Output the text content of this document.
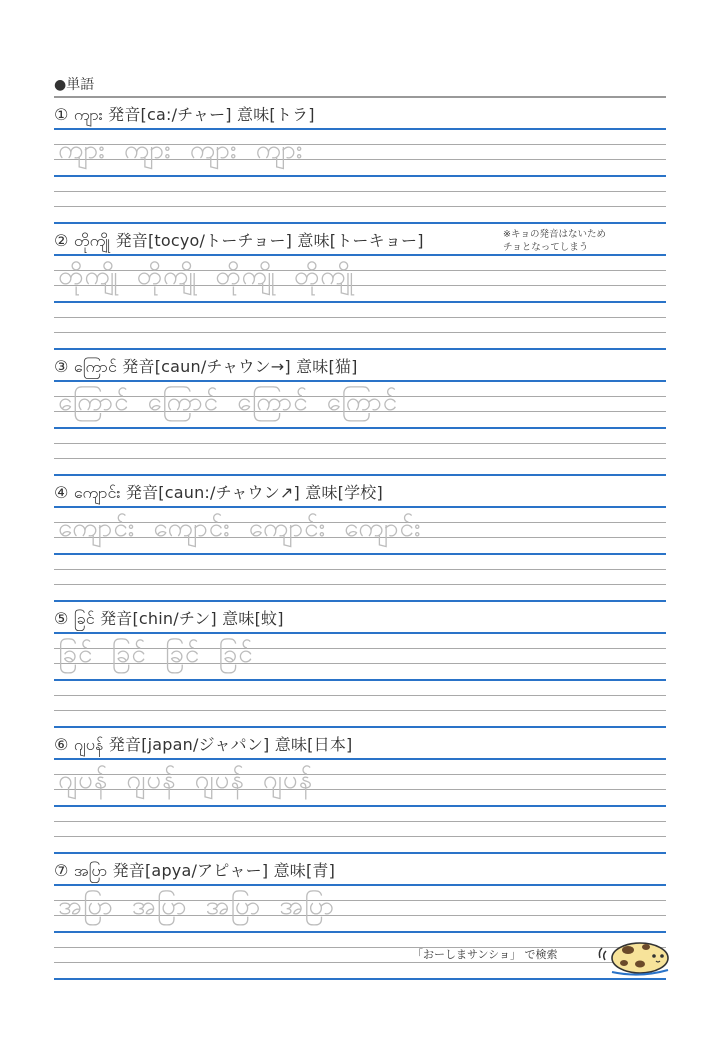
●単語
① ကျား 発音[ca:/チャー] 意味[トラ]
ကျား ကျား ကျား ကျား
② တိုကျို 発音[tocyo/トーチョー] 意味[トーキョー]	※キョの発音はないため
チョとなってしまう
တိုကျို တိုကျို တိုကျို တိုကျို
③ ကြောင် 発音[caun/チャウン→] 意味[猫]
ကြောင် ကြောင် ကြောင် ကြောင်
④ ကျောင်း 発音[caun:/チャウン↗] 意味[学校]
ကျောင်း ကျောင်း ကျောင်း ကျောင်း
⑤ ခြင် 発音[chin/チン] 意味[蚊]
ခြင် ခြင် ခြင် ခြင်
⑥ ဂျပန် 発音[japan/ジャパン] 意味[日本]
ဂျပန် ဂျပန် ဂျပန် ဂျပန်
⑦ အပြာ 発音[apya/アピャー] 意味[青]
အပြာ အပြာ အပြာ အပြာ
「おーしまサンショ」 で検索
